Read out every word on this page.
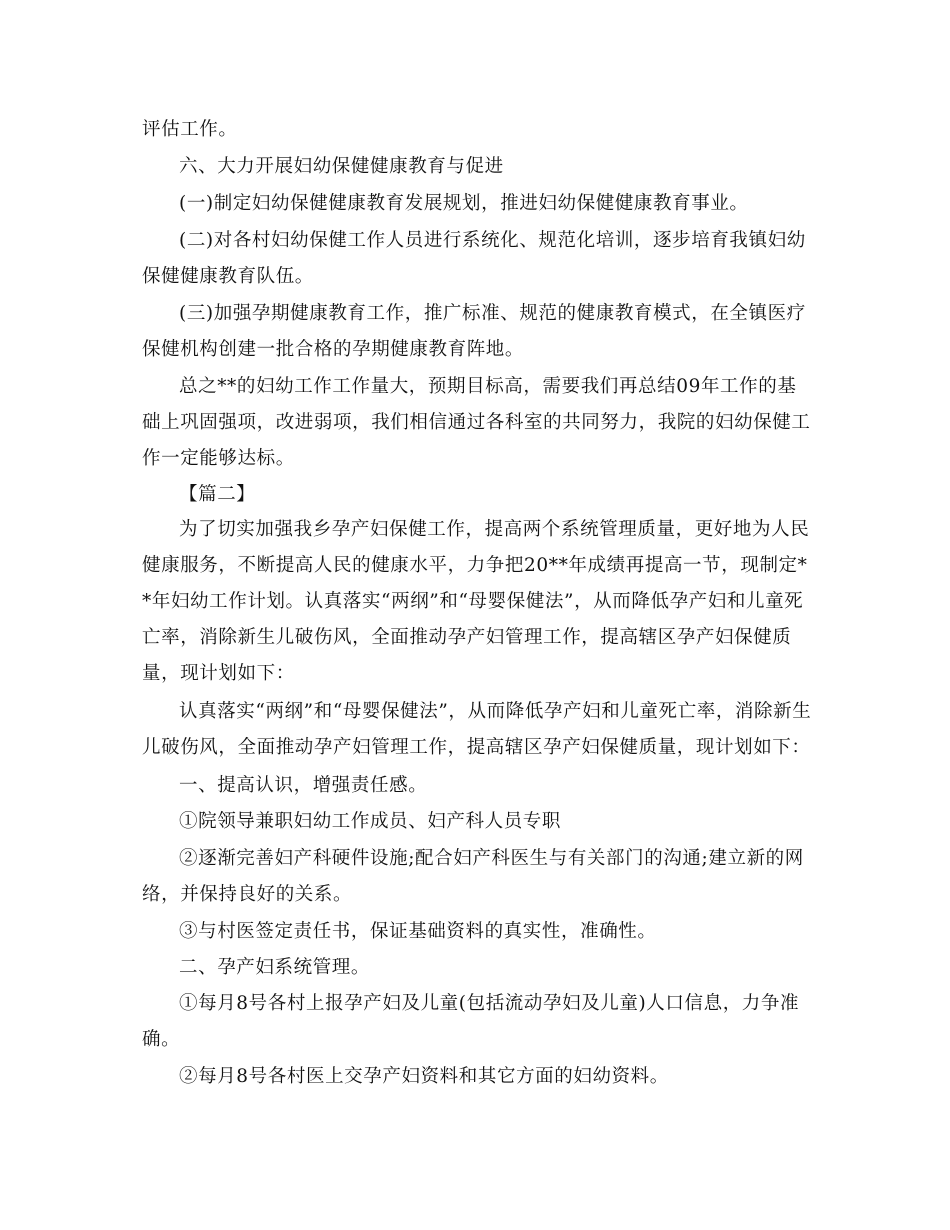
评估工作。

六、大力开展妇幼保健健康教育与促进

(一)制定妇幼保健健康教育发展规划，推进妇幼保健健康教育事业。

(二)对各村妇幼保健工作人员进行系统化、规范化培训，逐步培育我镇妇幼保健健康教育队伍。

(三)加强孕期健康教育工作，推广标准、规范的健康教育模式，在全镇医疗保健机构创建一批合格的孕期健康教育阵地。

总之**的妇幼工作工作量大，预期目标高，需要我们再总结09年工作的基础上巩固强项，改进弱项，我们相信通过各科室的共同努力，我院的妇幼保健工作一定能够达标。

【篇二】

为了切实加强我乡孕产妇保健工作，提高两个系统管理质量，更好地为人民健康服务，不断提高人民的健康水平，力争把20**年成绩再提高一节，现制定**年妇幼工作计划。认真落实“两纲”和“母婴保健法”，从而降低孕产妇和儿童死亡率，消除新生儿破伤风，全面推动孕产妇管理工作，提高辖区孕产妇保健质量，现计划如下：

认真落实“两纲”和“母婴保健法”，从而降低孕产妇和儿童死亡率，消除新生儿破伤风，全面推动孕产妇管理工作，提高辖区孕产妇保健质量，现计划如下：

一、提高认识，增强责任感。

①院领导兼职妇幼工作成员、妇产科人员专职

②逐渐完善妇产科硬件设施;配合妇产科医生与有关部门的沟通;建立新的网络，并保持良好的关系。

③与村医签定责任书，保证基础资料的真实性，准确性。

二、孕产妇系统管理。

①每月8号各村上报孕产妇及儿童(包括流动孕妇及儿童)人口信息，力争准确。

②每月8号各村医上交孕产妇资料和其它方面的妇幼资料。
